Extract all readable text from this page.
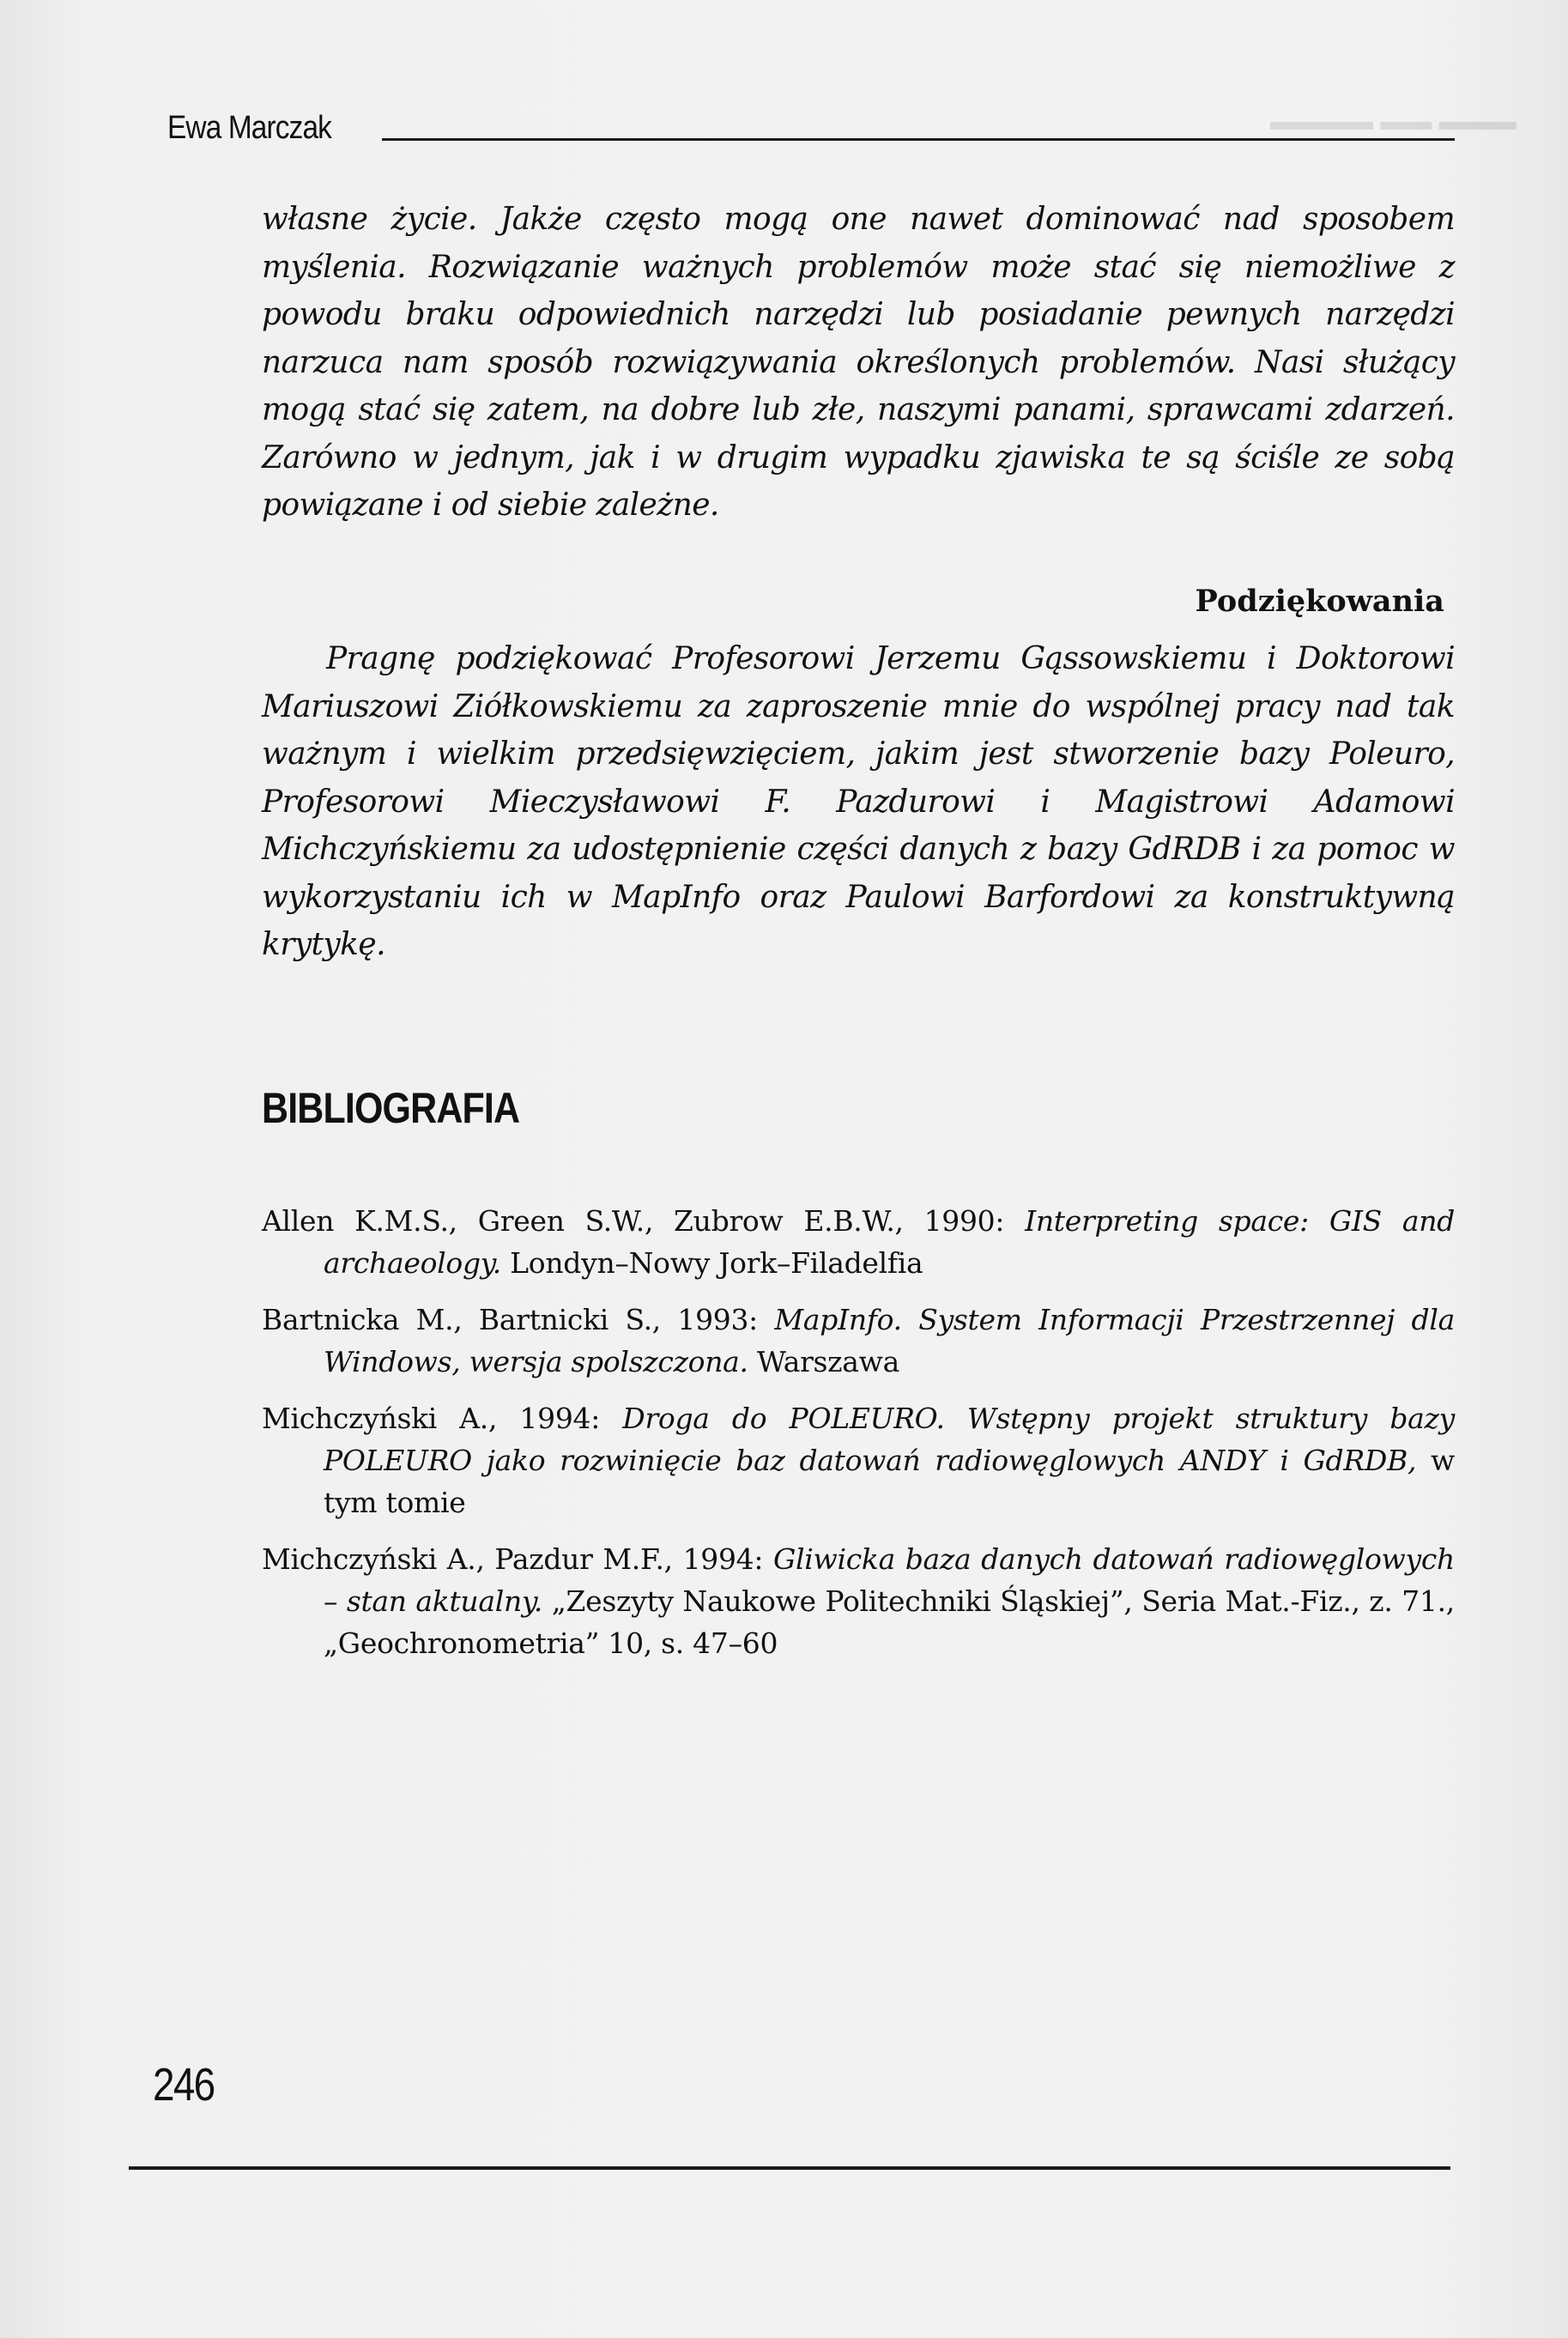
▬▬▬ ▬▬ ▬▬▬▬
Ewa Marczak

własne życie. Jakże często mogą one nawet dominować nad sposobem myślenia. Rozwiązanie ważnych problemów może stać się niemożliwe z powodu braku odpowiednich narzędzi lub posiadanie pewnych narzędzi narzuca nam sposób rozwiązywania określonych problemów. Nasi służący mogą stać się zatem, na dobre lub złe, naszymi panami, sprawcami zdarzeń. Zarówno w jednym, jak i w drugim wypadku zjawiska te są ściśle ze sobą powiązane i od siebie zależne.

Podziękowania

Pragnę podziękować Profesorowi Jerzemu Gąssowskiemu i Doktorowi Mariuszowi Ziółkowskiemu za zaproszenie mnie do wspólnej pracy nad tak ważnym i wielkim przedsięwzięciem, jakim jest stworzenie bazy Poleuro, Profesorowi Mieczysławowi F. Pazdurowi i Magistrowi Adamowi Michczyńskiemu za udostępnienie części danych z bazy GdRDB i za pomoc w wykorzystaniu ich w MapInfo oraz Paulowi Barfordowi za konstruktywną krytykę.

BIBLIOGRAFIA
Allen K.M.S., Green S.W., Zubrow E.B.W., 1990: Interpreting space: GIS and archaeology. Londyn–Nowy Jork–Filadelfia
Bartnicka M., Bartnicki S., 1993: MapInfo. System Informacji Przestrzennej dla Windows, wersja spolszczona. Warszawa
Michczyński A., 1994: Droga do POLEURO. Wstępny projekt struktury bazy POLEURO jako rozwinięcie baz datowań radiowęglowych ANDY i GdRDB, w tym tomie
Michczyński A., Pazdur M.F., 1994: Gliwicka baza danych datowań radiowęglowych – stan aktualny. „Zeszyty Naukowe Politechniki Śląskiej”, Seria Mat.-Fiz., z. 71., „Geochronometria” 10, s. 47–60
246
